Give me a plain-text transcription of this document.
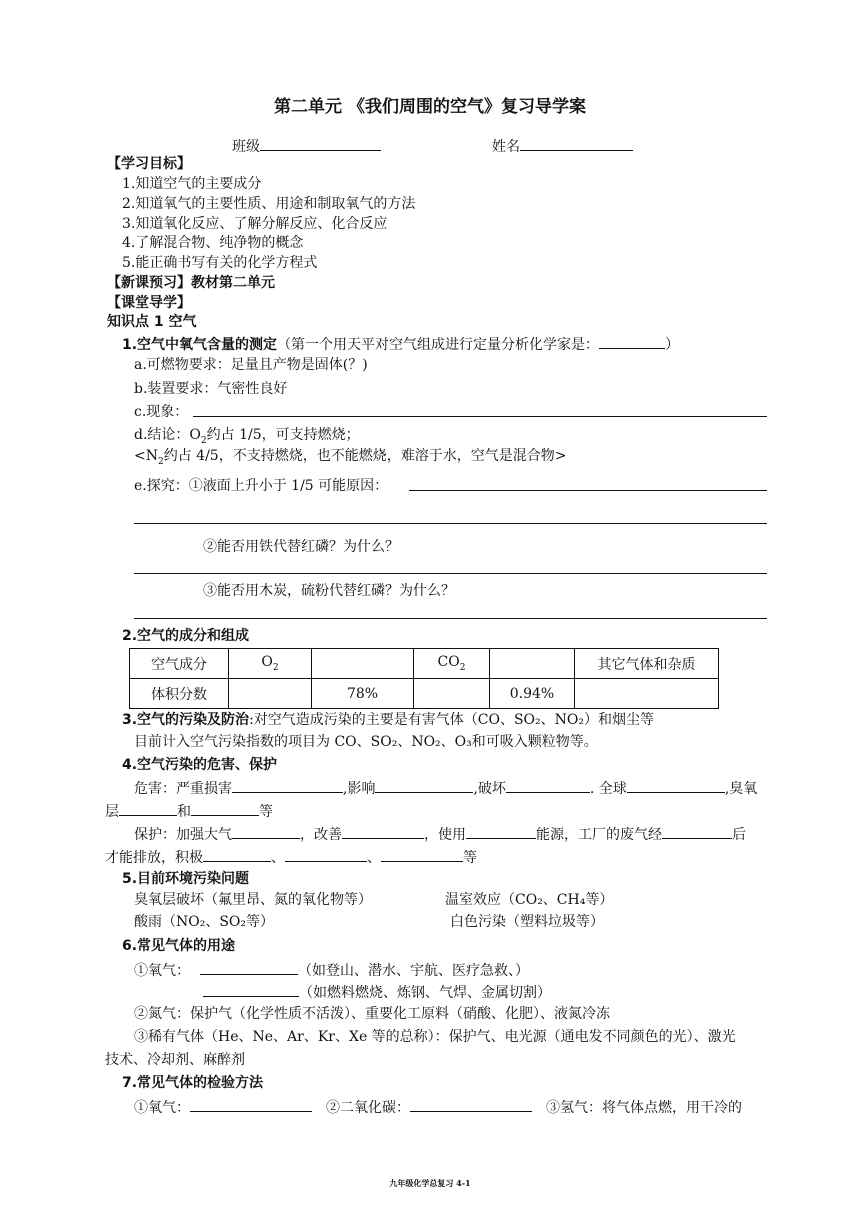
第二单元 《我们周围的空气》复习导学案
班级	姓名
【学习目标】
1.知道空气的主要成分
2.知道氧气的主要性质、用途和制取氧气的方法
3.知道氧化反应、了解分解反应、化合反应
4.了解混合物、纯净物的概念
5.能正确书写有关的化学方程式
【新课预习】教材第二单元
【课堂导学】
知识点 1 空气
1.空气中氧气含量的测定（第一个用天平对空气组成进行定量分析化学家是：	）
a.可燃物要求：足量且产物是固体(？)
b.装置要求：气密性良好
c.现象：
d.结论：$O_2$约占 1/5，可支持燃烧；
$<N_2$约占 4/5，不支持燃烧，也不能燃烧，难溶于水，空气是混合物>
e.探究：①液面上升小于 1/5 可能原因：
②能否用铁代替红磷？为什么？
③能否用木炭，硫粉代替红磷？为什么？
2.空气的成分和组成
空气成分	$O_2$		$CO_2$		其它气体和杂质
体积分数		78%		0.94%	
3.空气的污染及防治:对空气造成污染的主要是有害气体（CO、SO₂、NO₂）和烟尘等
目前计入空气污染指数的项目为 CO、SO₂、NO₂、O₃和可吸入颗粒物等。
4.空气污染的危害、保护
危害：严重损害	,影响	,破坏	. 全球	,臭氧
层	和	等
保护：加强大气	，改善	，使用	能源，工厂的废气经	后
才能排放，积极	、	、	等
5.目前环境污染问题
臭氧层破坏（氟里昂、氮的氧化物等）	温室效应（CO₂、CH₄等）
酸雨（NO₂、SO₂等）	白色污染（塑料垃圾等）
6.常见气体的用途
①氧气：	（如登山、潜水、宇航、医疗急救、）
（如燃料燃烧、炼钢、气焊、金属切割）
②氮气：保护气（化学性质不活泼）、重要化工原料（硝酸、化肥）、液氮冷冻
③稀有气体（He、Ne、Ar、Kr、Xe 等的总称）：保护气、电光源（通电发不同颜色的光）、激光
技术、冷却剂、麻醉剂
7.常见气体的检验方法
①氧气：	②二氧化碳：	③氢气：将气体点燃，用干冷的
九年级化学总复习 4-1
